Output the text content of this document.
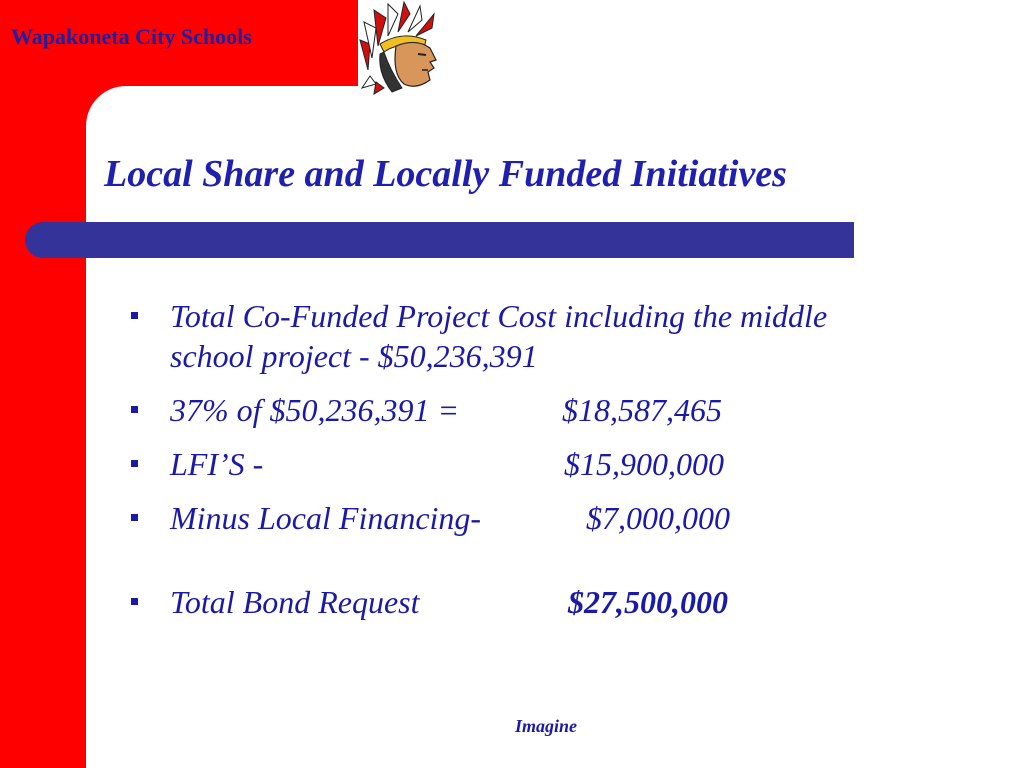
Wapakoneta City Schools
Local Share and Locally Funded Initiatives
Total Co-Funded Project Cost including the middle school project - $50,236,391
37% of $50,236,391 =	$18,587,465
LFI’S -	$15,900,000
Minus Local Financing-	$7,000,000
Total Bond Request	$27,500,000
Imagine
